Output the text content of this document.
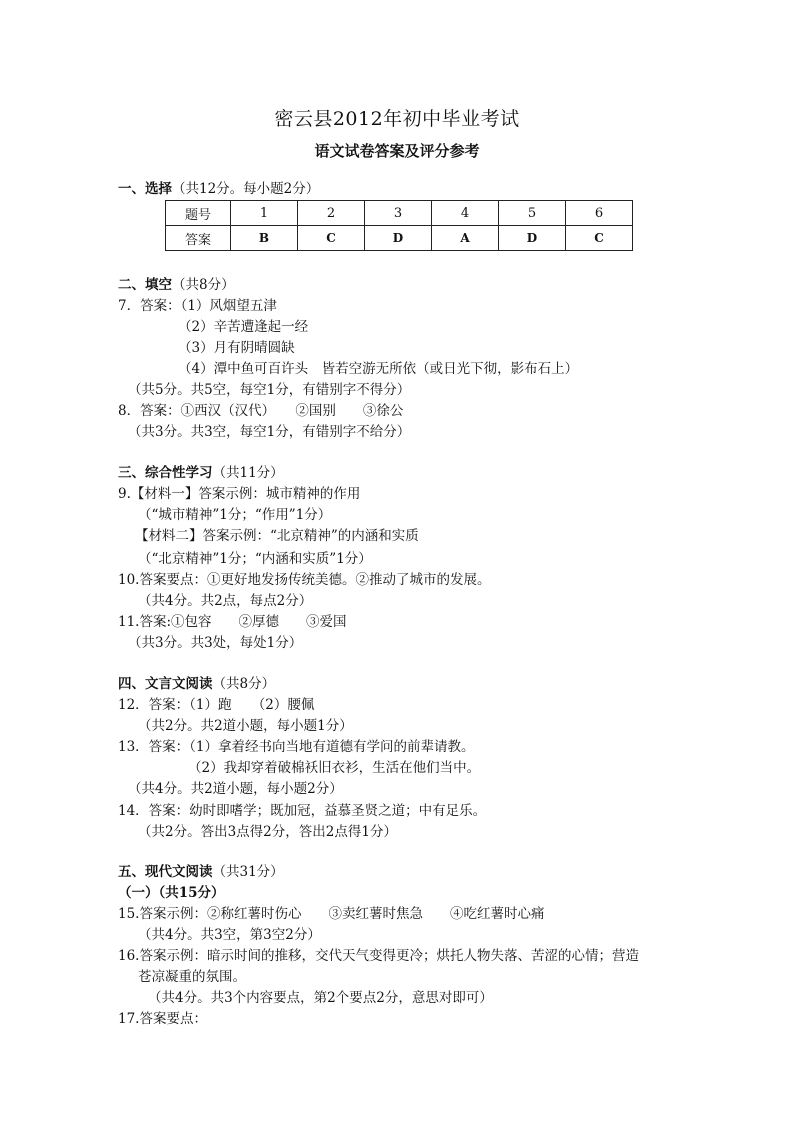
密云县2012年初中毕业考试
语文试卷答案及评分参考
一、选择（共12分。每小题2分）
题号	1	2	3	4	5	6
答案	B	C	D	A	D	C
二、填空（共8分）
7．答案：（1）风烟望五津
（2）辛苦遭逢起一经
（3）月有阴晴圆缺
（4）潭中鱼可百许头　皆若空游无所依（或日光下彻，影布石上）
（共5分。共5空，每空1分，有错别字不得分）
8．答案：①西汉（汉代）　　②国别　　③徐公
（共3分。共3空，每空1分，有错别字不给分）
三、综合性学习（共11分）
9.【材料一】答案示例：城市精神的作用
（“城市精神”1分；“作用”1分）
【材料二】答案示例：“北京精神”的内涵和实质
（“北京精神”1分；“内涵和实质”1分）
10.答案要点：①更好地发扬传统美德。②推动了城市的发展。
（共4分。共2点，每点2分）
11.答案:①包容　　②厚德　　③爱国
（共3分。共3处，每处1分）
四、文言文阅读（共8分）
12．答案：（1）跑　　（2）腰佩
（共2分。共2道小题，每小题1分）
13．答案：（1）拿着经书向当地有道德有学问的前辈请教。
（2）我却穿着破棉袄旧衣衫，生活在他们当中。
（共4分。共2道小题，每小题2分）
14．答案：幼时即嗜学；既加冠，益慕圣贤之道；中有足乐。
（共2分。答出3点得2分，答出2点得1分）
五、现代文阅读（共31分）
（一）（共15分）
15.答案示例：②称红薯时伤心　　③卖红薯时焦急　　④吃红薯时心痛
（共4分。共3空，第3空2分）
16.答案示例：暗示时间的推移，交代天气变得更冷；烘托人物失落、苦涩的心情；营造
苍凉凝重的氛围。
（共4分。共3个内容要点，第2个要点2分，意思对即可）
17.答案要点：
